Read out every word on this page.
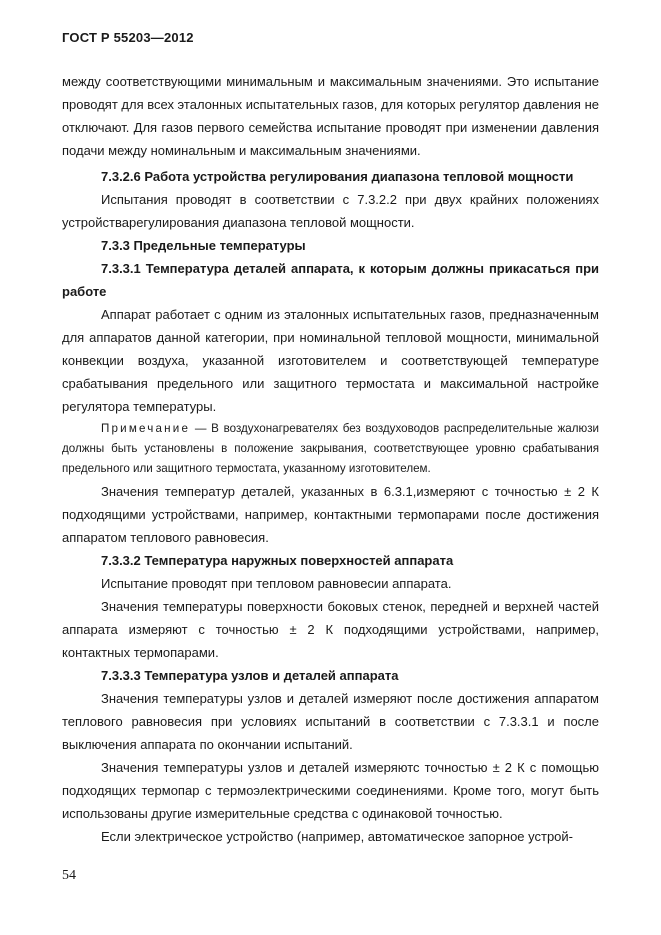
ГОСТ Р 55203—2012

между соответствующими минимальным и максимальным значениями. Это испытание проводят для всех эталонных испытательных газов, для которых регулятор давления не отключают. Для газов первого семейства испытание проводят при изменении давления подачи между номинальным и максимальным значениями.

7.3.2.6 Работа устройства регулирования диапазона тепловой мощности

Испытания проводят в соответствии с 7.3.2.2 при двух крайних положениях устройстварегулирования диапазона тепловой мощности.

7.3.3 Предельные температуры

7.3.3.1 Температура деталей аппарата, к которым должны прикасаться при работе

Аппарат работает с одним из эталонных испытательных газов, предназначенным для аппаратов данной категории, при номинальной тепловой мощности, минимальной конвекции воздуха, указанной изготовителем и соответствующей температуре срабатывания предельного или защитного термостата и максимальной настройке регулятора температуры.

Примечание — В воздухонагревателях без воздуховодов распределительные жалюзи должны быть установлены в положение закрывания, соответствующее уровню срабатывания предельного или защитного термостата, указанному изготовителем.

Значения температур деталей, указанных в 6.3.1,измеряют с точностью ± 2 К подходящими устройствами, например, контактными термопарами после достижения аппаратом теплового равновесия.

7.3.3.2 Температура наружных поверхностей аппарата

Испытание проводят при тепловом равновесии аппарата.

Значения температуры поверхности боковых стенок, передней и верхней частей аппарата измеряют с точностью ± 2 К подходящими устройствами, например, контактных термопарами.

7.3.3.3 Температура узлов и деталей аппарата

Значения температуры узлов и деталей измеряют после достижения аппаратом теплового равновесия при условиях испытаний в соответствии с 7.3.3.1 и после выключения аппарата по окончании испытаний.

Значения температуры узлов и деталей измеряютс точностью ± 2 К с помощью подходящих термопар с термоэлектрическими соединениями. Кроме того, могут быть использованы другие измерительные средства с одинаковой точностью.

Если электрическое устройство (например, автоматическое запорное устрой-

54
